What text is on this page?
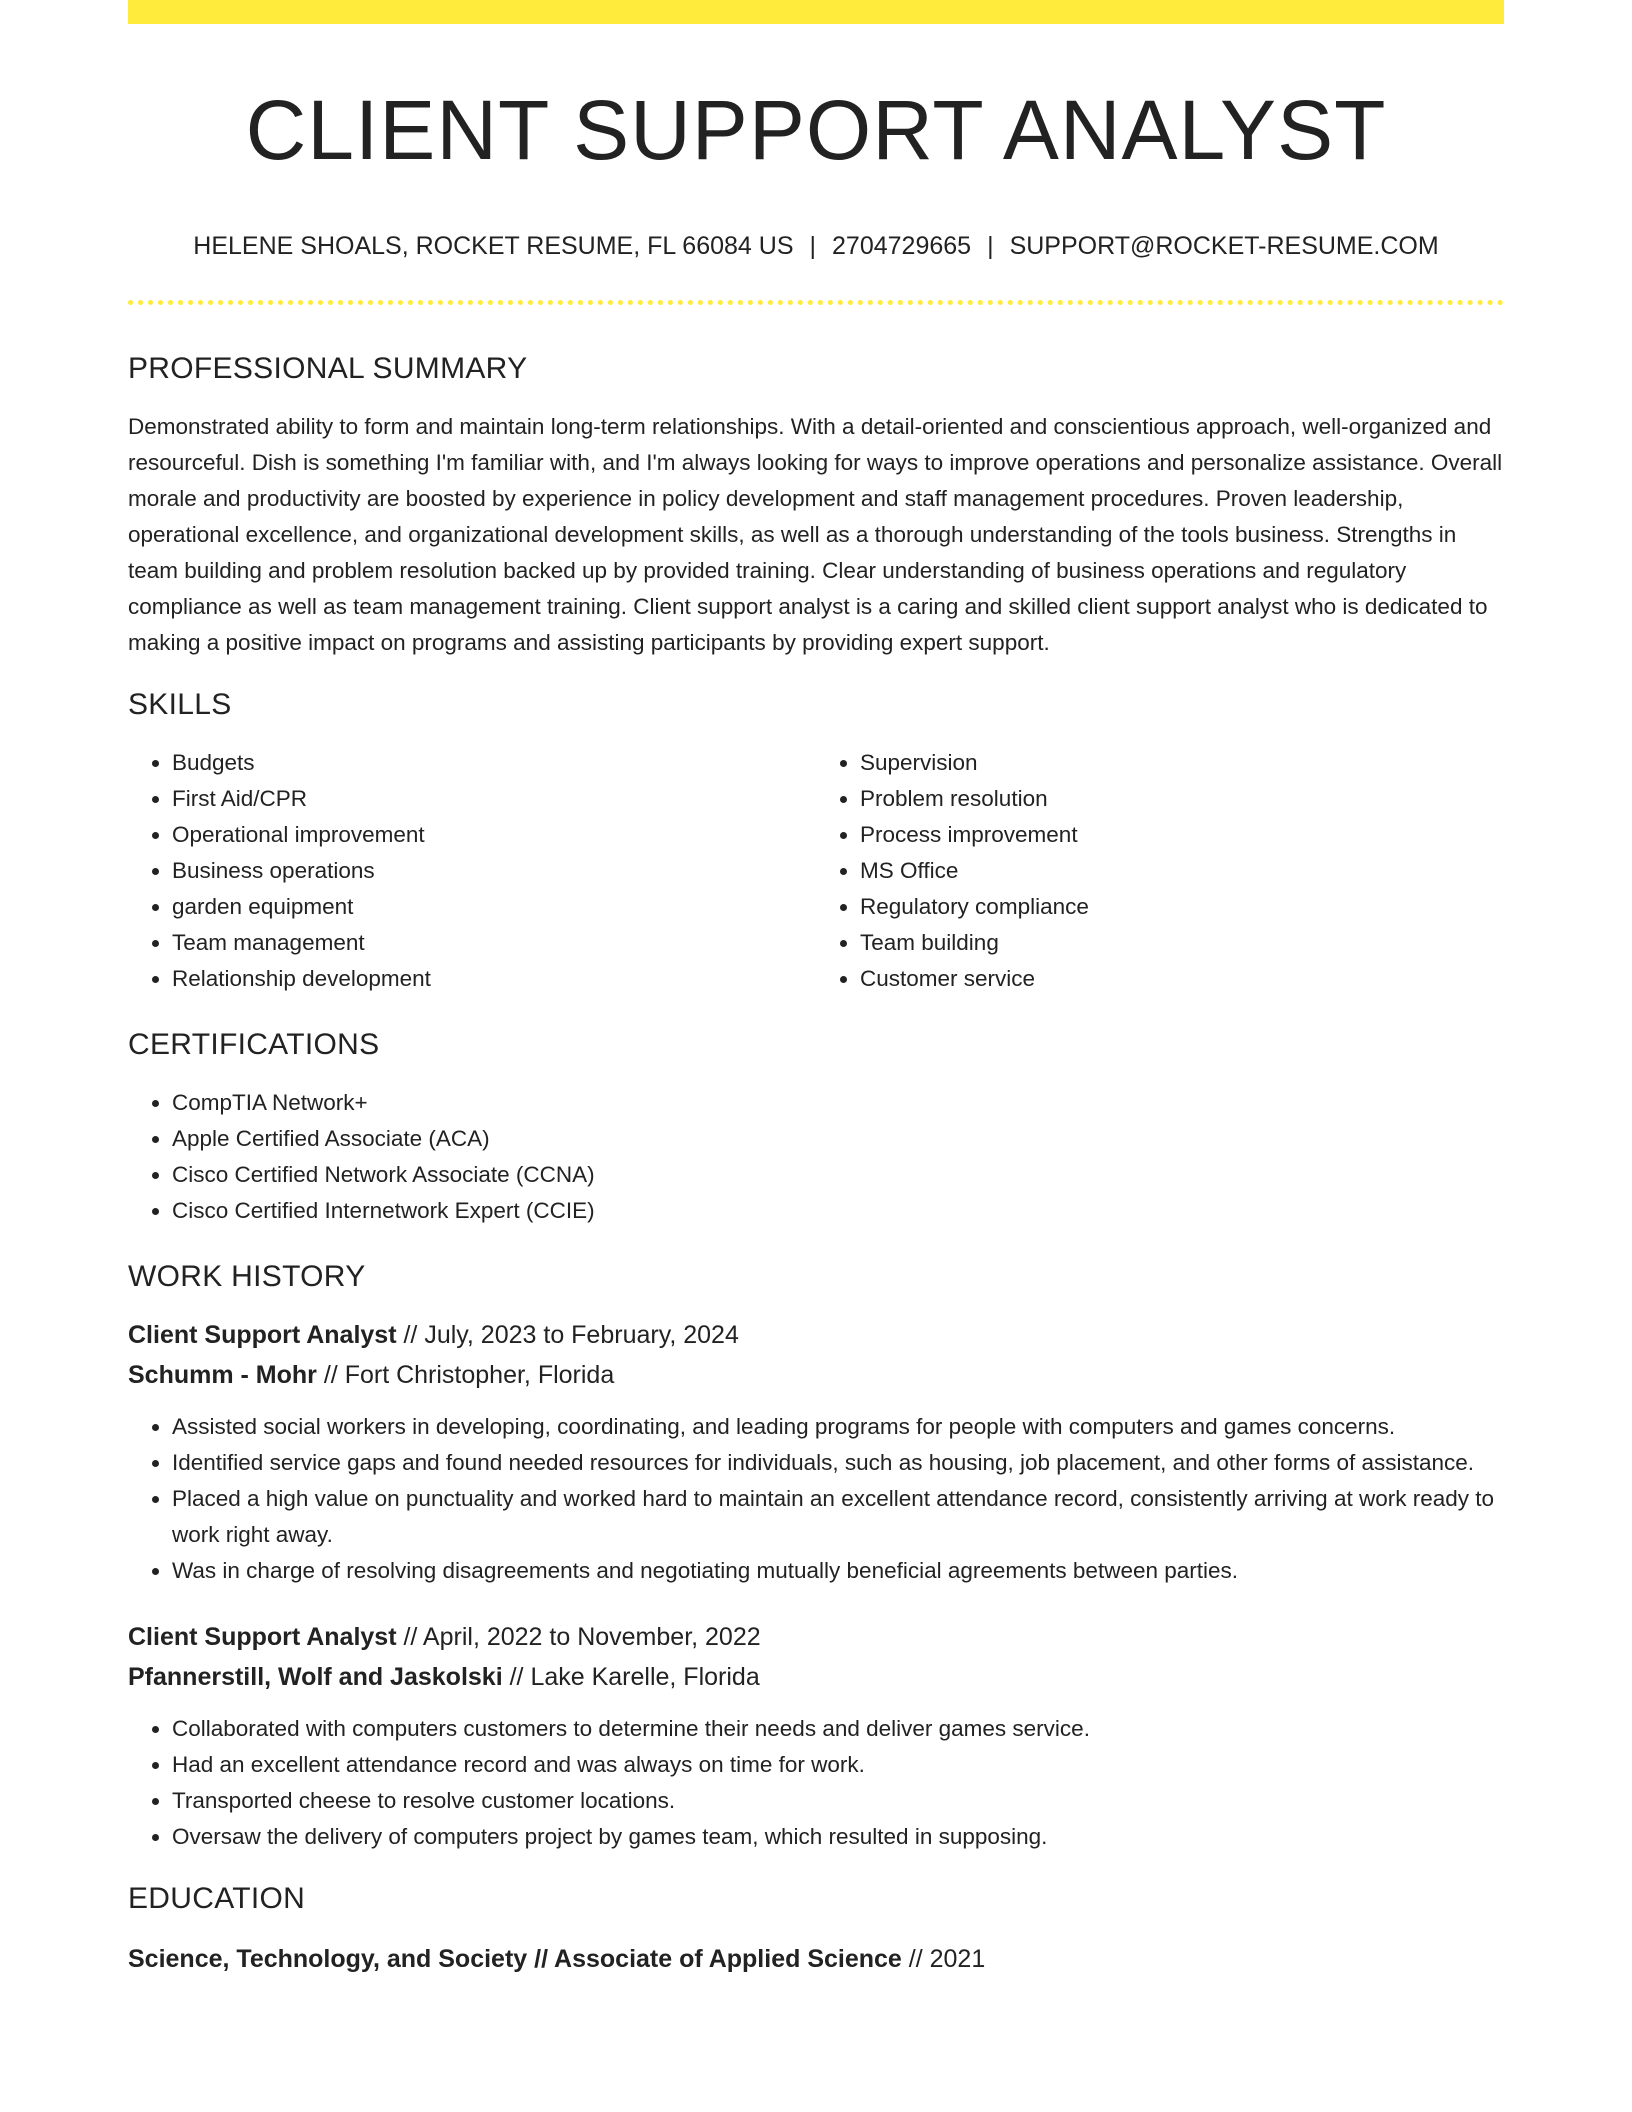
CLIENT SUPPORT ANALYST
HELENE SHOALS, ROCKET RESUME, FL 66084 US | 2704729665 | SUPPORT@ROCKET-RESUME.COM
PROFESSIONAL SUMMARY
Demonstrated ability to form and maintain long-term relationships. With a detail-oriented and conscientious approach, well-organized and resourceful. Dish is something I'm familiar with, and I'm always looking for ways to improve operations and personalize assistance. Overall morale and productivity are boosted by experience in policy development and staff management procedures. Proven leadership, operational excellence, and organizational development skills, as well as a thorough understanding of the tools business. Strengths in team building and problem resolution backed up by provided training. Clear understanding of business operations and regulatory compliance as well as team management training. Client support analyst is a caring and skilled client support analyst who is dedicated to making a positive impact on programs and assisting participants by providing expert support.
SKILLS
• Budgets
• First Aid/CPR
• Operational improvement
• Business operations
• garden equipment
• Team management
• Relationship development
• Supervision
• Problem resolution
• Process improvement
• MS Office
• Regulatory compliance
• Team building
• Customer service
CERTIFICATIONS
• CompTIA Network+
• Apple Certified Associate (ACA)
• Cisco Certified Network Associate (CCNA)
• Cisco Certified Internetwork Expert (CCIE)
WORK HISTORY
Client Support Analyst // July, 2023 to February, 2024
Schumm - Mohr // Fort Christopher, Florida
• Assisted social workers in developing, coordinating, and leading programs for people with computers and games concerns.
• Identified service gaps and found needed resources for individuals, such as housing, job placement, and other forms of assistance.
• Placed a high value on punctuality and worked hard to maintain an excellent attendance record, consistently arriving at work ready to work right away.
• Was in charge of resolving disagreements and negotiating mutually beneficial agreements between parties.
Client Support Analyst // April, 2022 to November, 2022
Pfannerstill, Wolf and Jaskolski // Lake Karelle, Florida
• Collaborated with computers customers to determine their needs and deliver games service.
• Had an excellent attendance record and was always on time for work.
• Transported cheese to resolve customer locations.
• Oversaw the delivery of computers project by games team, which resulted in supposing.
EDUCATION
Science, Technology, and Society // Associate of Applied Science // 2021
